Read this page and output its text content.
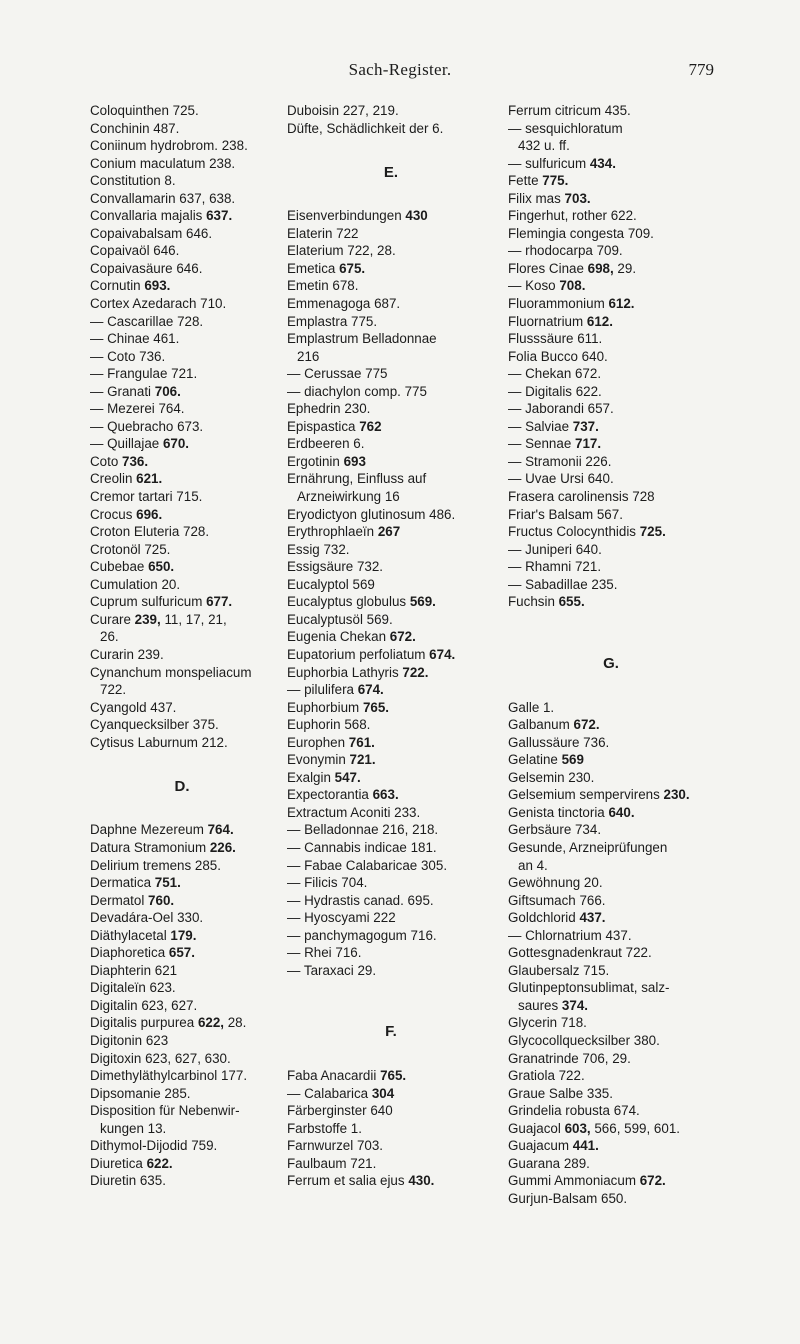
Sach-Register.	779
Coloquinthen 725.
Conchinin 487.
Coniinum hydrobrom. 238.
Conium maculatum 238.
Constitution 8.
Convallamarin 637, 638.
Convallaria majalis 637.
Copaivabalsam 646.
Copaivaöl 646.
Copaivasäure 646.
Cornutin 693.
Cortex Azedarach 710.
— Cascarillae 728.
— Chinae 461.
— Coto 736.
— Frangulae 721.
— Granati 706.
— Mezerei 764.
— Quebracho 673.
— Quillajae 670.
Coto 736.
Creolin 621.
Cremor tartari 715.
Crocus 696.
Croton Eluteria 728.
Crotonöl 725.
Cubebae 650.
Cumulation 20.
Cuprum sulfuricum 677.
Curare 239, 11, 17, 21,
26.
Curarin 239.
Cynanchum monspeliacum
722.
Cyangold 437.
Cyanquecksilber 375.
Cytisus Laburnum 212.
D.
Daphne Mezereum 764.
Datura Stramonium 226.
Delirium tremens 285.
Dermatica 751.
Dermatol 760.
Devadára-Oel 330.
Diäthylacetal 179.
Diaphoretica 657.
Diaphterin 621
Digitaleïn 623.
Digitalin 623, 627.
Digitalis purpurea 622, 28.
Digitonin 623
Digitoxin 623, 627, 630.
Dimethyläthylcarbinol 177.
Dipsomanie 285.
Disposition für Nebenwir-
kungen 13.
Dithymol-Dijodid 759.
Diuretica 622.
Diuretin 635.
Duboisin 227, 219.
Düfte, Schädlichkeit der 6.
E.
Eisenverbindungen 430
Elaterin 722
Elaterium 722, 28.
Emetica 675.
Emetin 678.
Emmenagoga 687.
Emplastra 775.
Emplastrum Belladonnae
216
— Cerussae 775
— diachylon comp. 775
Ephedrin 230.
Epispastica 762
Erdbeeren 6.
Ergotinin 693
Ernährung, Einfluss auf
Arzneiwirkung 16
Eryodictyon glutinosum 486.
Erythrophlaeïn 267
Essig 732.
Essigsäure 732.
Eucalyptol 569
Eucalyptus globulus 569.
Eucalyptusöl 569.
Eugenia Chekan 672.
Eupatorium perfoliatum 674.
Euphorbia Lathyris 722.
— pilulifera 674.
Euphorbium 765.
Euphorin 568.
Europhen 761.
Evonymin 721.
Exalgin 547.
Expectorantia 663.
Extractum Aconiti 233.
— Belladonnae 216, 218.
— Cannabis indicae 181.
— Fabae Calabaricae 305.
— Filicis 704.
— Hydrastis canad. 695.
— Hyoscyami 222
— panchymagogum 716.
— Rhei 716.
— Taraxaci 29.
F.
Faba Anacardii 765.
— Calabarica 304
Färberginster 640
Farbstoffe 1.
Farnwurzel 703.
Faulbaum 721.
Ferrum et salia ejus 430.
Ferrum citricum 435.
— sesquichloratum
432 u. ff.
— sulfuricum 434.
Fette 775.
Filix mas 703.
Fingerhut, rother 622.
Flemingia congesta 709.
— rhodocarpa 709.
Flores Cinae 698, 29.
— Koso 708.
Fluorammonium 612.
Fluornatrium 612.
Flusssäure 611.
Folia Bucco 640.
— Chekan 672.
— Digitalis 622.
— Jaborandi 657.
— Salviae 737.
— Sennae 717.
— Stramonii 226.
— Uvae Ursi 640.
Frasera carolinensis 728
Friar's Balsam 567.
Fructus Colocynthidis 725.
— Juniperi 640.
— Rhamni 721.
— Sabadillae 235.
Fuchsin 655.
G.
Galle 1.
Galbanum 672.
Gallussäure 736.
Gelatine 569
Gelsemin 230.
Gelsemium sempervirens 230.
Genista tinctoria 640.
Gerbsäure 734.
Gesunde, Arzneiprüfungen
an 4.
Gewöhnung 20.
Giftsumach 766.
Goldchlorid 437.
— Chlornatrium 437.
Gottesgnadenkraut 722.
Glaubersalz 715.
Glutinpeptonsublimat, salz-
saures 374.
Glycerin 718.
Glycocollquecksilber 380.
Granatrinde 706, 29.
Gratiola 722.
Graue Salbe 335.
Grindelia robusta 674.
Guajacol 603, 566, 599, 601.
Guajacum 441.
Guarana 289.
Gummi Ammoniacum 672.
Gurjun-Balsam 650.
